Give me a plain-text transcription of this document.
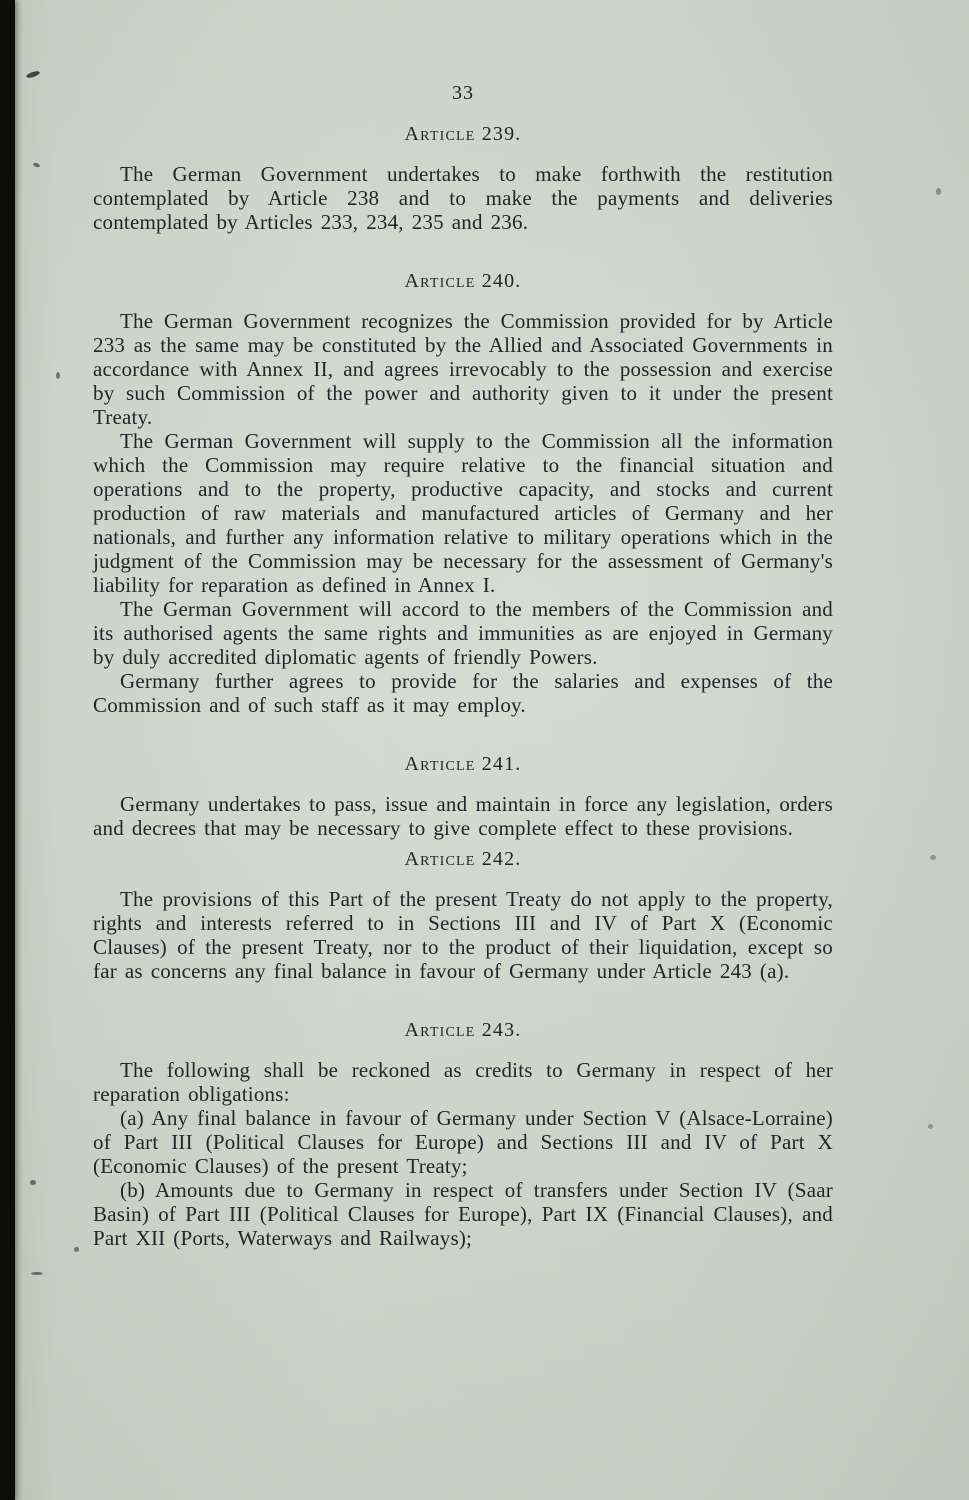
33
Article 239.

The German Government undertakes to make forthwith the restitution contemplated by Article 238 and to make the payments and deliveries contemplated by Articles 233, 234, 235 and 236.

Article 240.

The German Government recognizes the Commission provided for by Article 233 as the same may be constituted by the Allied and Associated Governments in accordance with Annex II, and agrees irrevocably to the possession and exercise by such Commission of the power and authority given to it under the present Treaty.

The German Government will supply to the Commission all the information which the Commission may require relative to the financial situation and operations and to the property, productive capacity, and stocks and current production of raw materials and manufactured articles of Germany and her nationals, and further any information relative to military operations which in the judgment of the Commission may be necessary for the assessment of Germany's liability for reparation as defined in Annex I.

The German Government will accord to the members of the Commission and its authorised agents the same rights and immunities as are enjoyed in Germany by duly accredited diplomatic agents of friendly Powers.

Germany further agrees to provide for the salaries and expenses of the Commission and of such staff as it may employ.

Article 241.

Germany undertakes to pass, issue and maintain in force any legislation, orders and decrees that may be necessary to give complete effect to these provisions.

Article 242.

The provisions of this Part of the present Treaty do not apply to the property, rights and interests referred to in Sections III and IV of Part X (Economic Clauses) of the present Treaty, nor to the product of their liquidation, except so far as concerns any final balance in favour of Germany under Article 243 (a).

Article 243.

The following shall be reckoned as credits to Germany in respect of her reparation obligations:

(a) Any final balance in favour of Germany under Section V (Alsace-Lorraine) of Part III (Political Clauses for Europe) and Sections III and IV of Part X (Economic Clauses) of the present Treaty;

(b) Amounts due to Germany in respect of transfers under Section IV (Saar Basin) of Part III (Political Clauses for Europe), Part IX (Financial Clauses), and Part XII (Ports, Waterways and Railways);
